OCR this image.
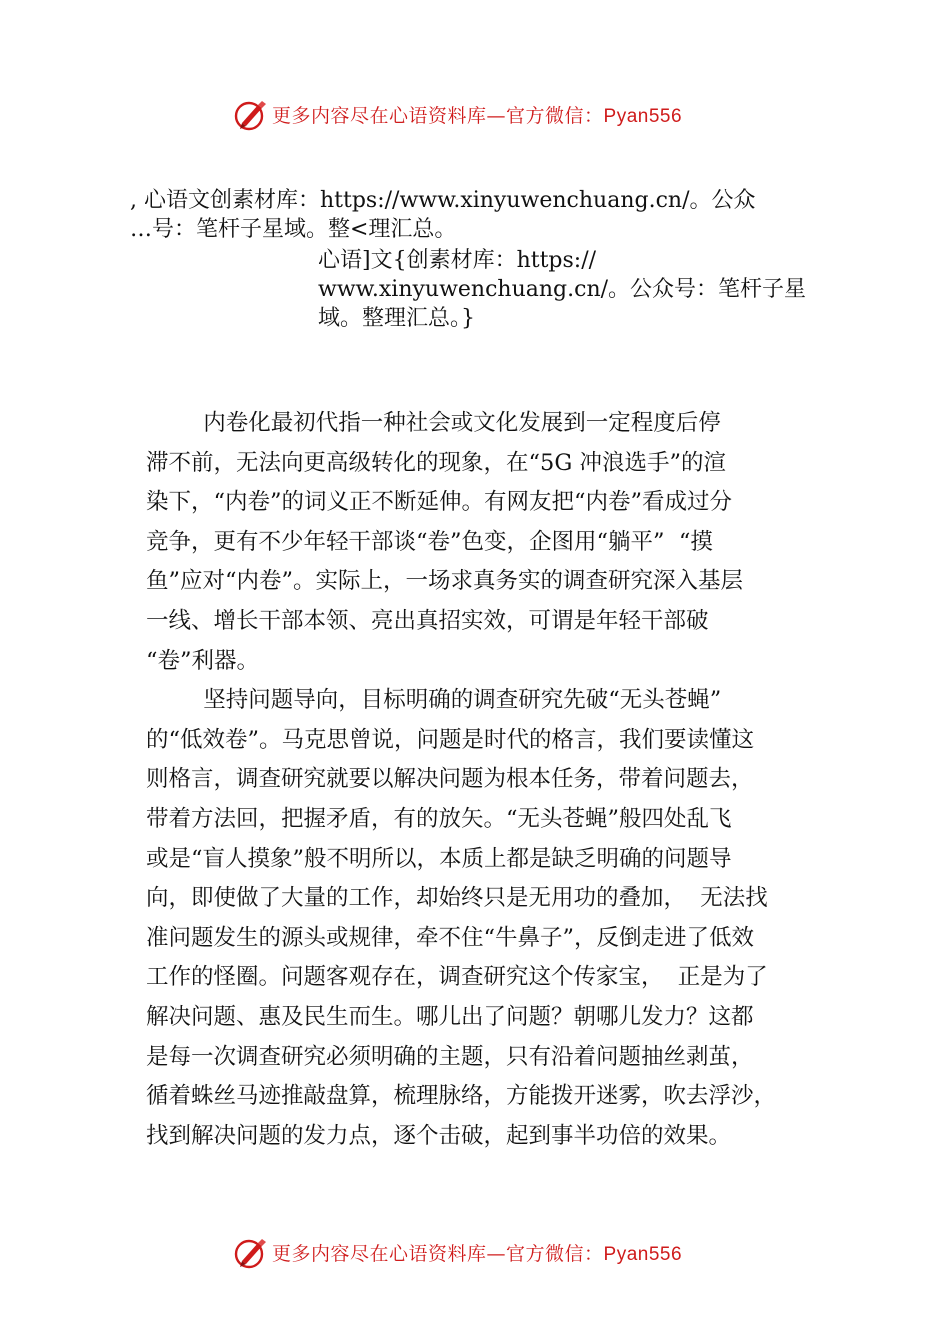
更多内容尽在心语资料库—官方微信：Pyan556
, 心语文创素材库：https://www.xinyuwenchuang.cn/。公众
…号：笔杆子星域。整<理汇总。
心语]文{创素材库：https://
www.xinyuwenchuang.cn/。公众号：笔杆子星
域。整理汇总。}
内卷化最初代指一种社会或文化发展到一定程度后停
滞不前，无法向更高级转化的现象，在“5G 冲浪选手”的渲
染下，“内卷”的词义正不断延伸。有网友把“内卷”看成过分
竞争，更有不少年轻干部谈“卷”色变，企图用“躺平”  “摸
鱼”应对“内卷”。实际上，一场求真务实的调查研究深入基层
一线、增长干部本领、亮出真招实效，可谓是年轻干部破
“卷”利器。
坚持问题导向，目标明确的调查研究先破“无头苍蝇”
的“低效卷”。马克思曾说，问题是时代的格言，我们要读懂这
则格言，调查研究就要以解决问题为根本任务，带着问题去，
带着方法回，把握矛盾，有的放矢。“无头苍蝇”般四处乱飞
或是“盲人摸象”般不明所以，本质上都是缺乏明确的问题导
向，即使做了大量的工作，却始终只是无用功的叠加，  无法找
准问题发生的源头或规律，牵不住“牛鼻子”，反倒走进了低效
工作的怪圈。问题客观存在，调查研究这个传家宝，  正是为了
解决问题、惠及民生而生。哪儿出了问题？朝哪儿发力？这都
是每一次调查研究必须明确的主题，只有沿着问题抽丝剥茧，
循着蛛丝马迹推敲盘算，梳理脉络，方能拨开迷雾，吹去浮沙，
找到解决问题的发力点，逐个击破，起到事半功倍的效果。
更多内容尽在心语资料库—官方微信：Pyan556
